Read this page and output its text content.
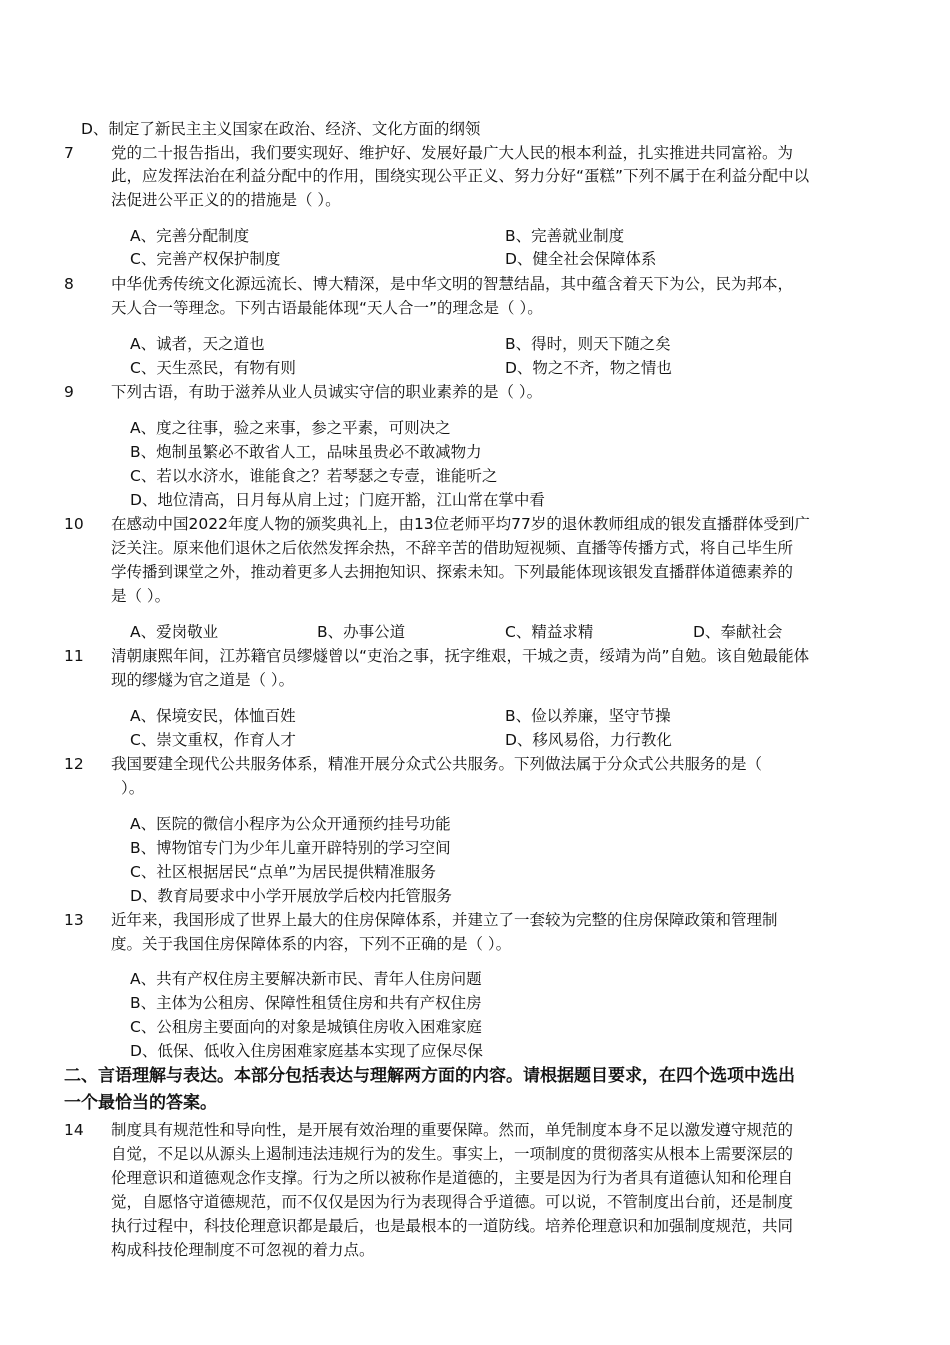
D、制定了新民主主义国家在政治、经济、文化方面的纲领
7 党的二十报告指出，我们要实现好、维护好、发展好最广大人民的根本利益，扎实推进共同富裕。为
此，应发挥法治在利益分配中的作用，围绕实现公平正义、努力分好“蛋糕”下列不属于在利益分配中以
法促进公平正义的的措施是（ ）。
A、完善分配制度	B、完善就业制度
C、完善产权保护制度	D、健全社会保障体系
8 中华优秀传统文化源远流长、博大精深，是中华文明的智慧结晶，其中蕴含着天下为公，民为邦本，
天人合一等理念。下列古语最能体现“天人合一”的理念是（ ）。
A、诚者，天之道也	B、得时，则天下随之矣
C、天生烝民，有物有则	D、物之不齐，物之情也
9 下列古语，有助于滋养从业人员诚实守信的职业素养的是（ ）。
A、度之往事，验之来事，参之平素，可则决之
B、炮制虽繁必不敢省人工，品味虽贵必不敢减物力
C、若以水济水，谁能食之？若琴瑟之专壹，谁能听之
D、地位清高，日月每从肩上过；门庭开豁，江山常在掌中看
10 在感动中国2022年度人物的颁奖典礼上，由13位老师平均77岁的退休教师组成的银发直播群体受到广
泛关注。原来他们退休之后依然发挥余热，不辞辛苦的借助短视频、直播等传播方式，将自己毕生所
学传播到课堂之外，推动着更多人去拥抱知识、探索未知。下列最能体现该银发直播群体道德素养的
是（ ）。
A、爱岗敬业	B、办事公道	C、精益求精	D、奉献社会
11 清朝康熙年间，江苏籍官员缪燧曾以“吏治之事，抚字维艰，干城之责，绥靖为尚”自勉。该自勉最能体
现的缪燧为官之道是（ ）。
A、保境安民，体恤百姓	B、俭以养廉，坚守节操
C、崇文重权，作育人才	D、移风易俗，力行教化
12 我国要建全现代公共服务体系，精准开展分众式公共服务。下列做法属于分众式公共服务的是（
）。
A、医院的微信小程序为公众开通预约挂号功能
B、博物馆专门为少年儿童开辟特别的学习空间
C、社区根据居民“点单”为居民提供精准服务
D、教育局要求中小学开展放学后校内托管服务
13 近年来，我国形成了世界上最大的住房保障体系，并建立了一套较为完整的住房保障政策和管理制
度。关于我国住房保障体系的内容，下列不正确的是（ ）。
A、共有产权住房主要解决新市民、青年人住房问题
B、主体为公租房、保障性租赁住房和共有产权住房
C、公租房主要面向的对象是城镇住房收入困难家庭
D、低保、低收入住房困难家庭基本实现了应保尽保
二、言语理解与表达。本部分包括表达与理解两方面的内容。请根据题目要求，在四个选项中选出
一个最恰当的答案。
14 制度具有规范性和导向性，是开展有效治理的重要保障。然而，单凭制度本身不足以激发遵守规范的
自觉，不足以从源头上遏制违法违规行为的发生。事实上，一项制度的贯彻落实从根本上需要深层的
伦理意识和道德观念作支撑。行为之所以被称作是道德的，主要是因为行为者具有道德认知和伦理自
觉，自愿恪守道德规范，而不仅仅是因为行为表现得合乎道德。可以说，不管制度出台前，还是制度
执行过程中，科技伦理意识都是最后，也是最根本的一道防线。培养伦理意识和加强制度规范，共同
构成科技伦理制度不可忽视的着力点。
